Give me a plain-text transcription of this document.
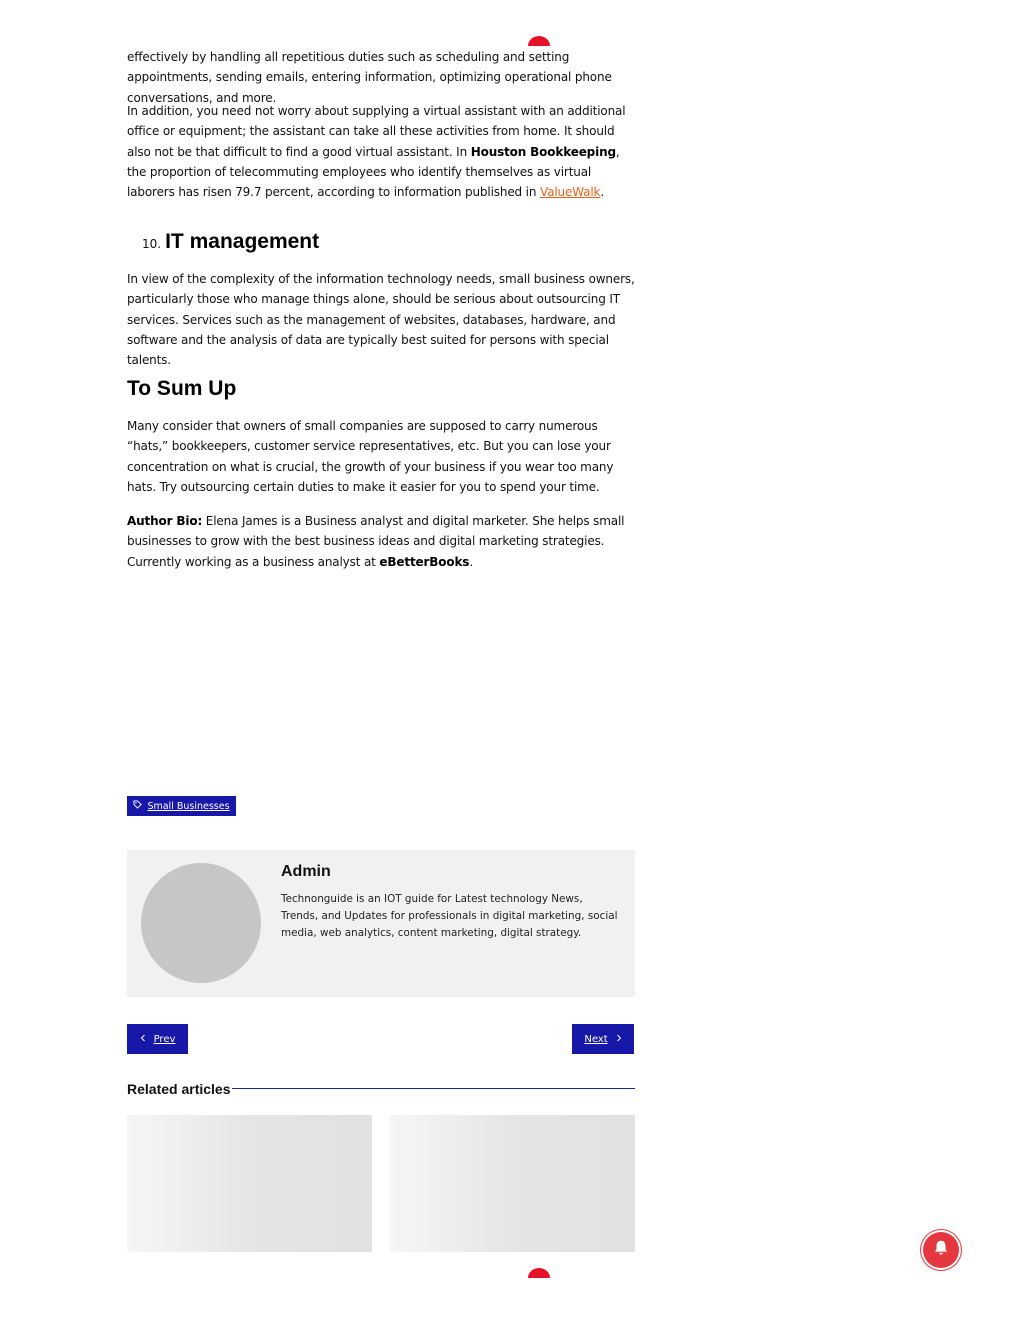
effectively by handling all repetitious duties such as scheduling and setting appointments, sending emails, entering information, optimizing operational phone conversations, and more.

In addition, you need not worry about supplying a virtual assistant with an additional office or equipment; the assistant can take all these activities from home. It should also not be that difficult to find a good virtual assistant. In Houston Bookkeeping, the proportion of telecommuting employees who identify themselves as virtual laborers has risen 79.7 percent, according to information published in ValueWalk.

10. IT management

In view of the complexity of the information technology needs, small business owners, particularly those who manage things alone, should be serious about outsourcing IT services. Services such as the management of websites, databases, hardware, and software and the analysis of data are typically best suited for persons with special talents.

To Sum Up

Many consider that owners of small companies are supposed to carry numerous “hats,” bookkeepers, customer service representatives, etc. But you can lose your concentration on what is crucial, the growth of your business if you wear too many hats. Try outsourcing certain duties to make it easier for you to spend your time.

Author Bio: Elena James is a Business analyst and digital marketer. She helps small businesses to grow with the best business ideas and digital marketing strategies. Currently working as a business analyst at eBetterBooks.

Small Businesses
Admin
Technonguide is an IOT guide for Latest technology News, Trends, and Updates for professionals in digital marketing, social media, web analytics, content marketing, digital strategy.
Prev	Next
Related articles
